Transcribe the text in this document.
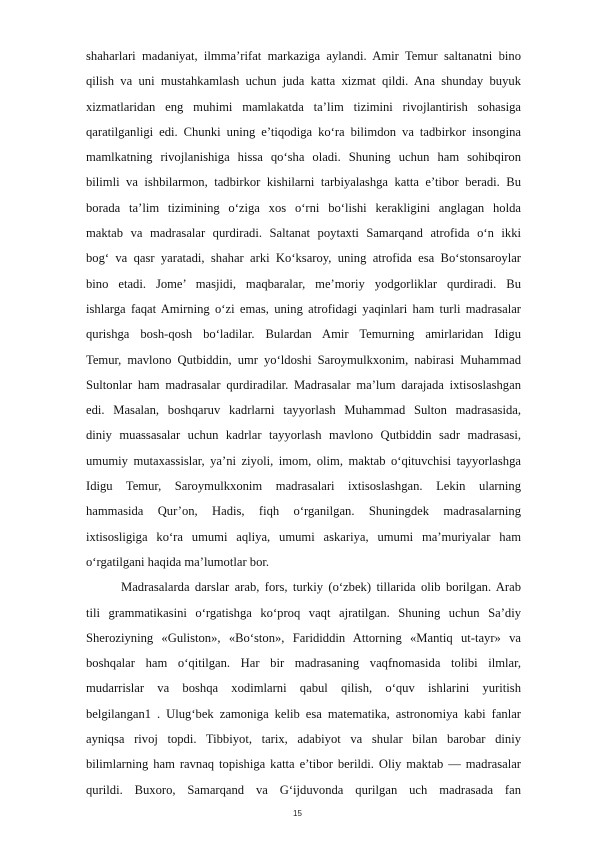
shaharlari madaniyat, ilmma’rifat markaziga aylandi. Amir Temur saltanatni bino
qilish va uni mustahkamlash uchun juda katta xizmat qildi. Ana shunday buyuk
xizmatlaridan eng muhimi mamlakatda ta’lim tizimini rivojlantirish sohasiga
qaratilganligi edi. Chunki uning e’tiqodiga ko‘ra bilimdon va tadbirkor insongina
mamlkatning rivojlanishiga hissa qo‘sha oladi. Shuning uchun ham sohibqiron
bilimli va ishbilarmon, tadbirkor kishilarni tarbiyalashga katta e’tibor beradi. Bu
borada ta’lim tizimining o‘ziga xos o‘rni bo‘lishi kerakligini anglagan holda
maktab va madrasalar qurdiradi. Saltanat poytaxti Samarqand atrofida o‘n ikki
bog‘ va qasr yaratadi, shahar arki Ko‘ksaroy, uning atrofida esa Bo‘stonsaroylar
bino etadi. Jome’ masjidi, maqbaralar, me’moriy yodgorliklar qurdiradi. Bu
ishlarga faqat Amirning o‘zi emas, uning atrofidagi yaqinlari ham turli madrasalar
qurishga bosh-qosh bo‘ladilar. Bulardan Amir Temurning amirlaridan Idigu
Temur, mavlono Qutbiddin, umr yo‘ldoshi Saroymulkxonim, nabirasi Muhammad
Sultonlar ham madrasalar qurdiradilar. Madrasalar ma’lum darajada ixtisoslashgan
edi. Masalan, boshqaruv kadrlarni tayyorlash Muhammad Sulton madrasasida,
diniy muassasalar uchun kadrlar tayyorlash mavlono Qutbiddin sadr madrasasi,
umumiy mutaxassislar, ya’ni ziyoli, imom, olim, maktab o‘qituvchisi tayyorlashga
Idigu Temur, Saroymulkxonim madrasalari ixtisoslashgan. Lekin ularning
hammasida Qur’on, Hadis, fiqh o‘rganilgan. Shuningdek madrasalarning
ixtisosligiga ko‘ra umumi aqliya, umumi askariya, umumi ma’muriyalar ham
o‘rgatilgani haqida ma’lumotlar bor.
Madrasalarda darslar arab, fors, turkiy (o‘zbek) tillarida olib borilgan. Arab
tili grammatikasini o‘rgatishga ko‘proq vaqt ajratilgan. Shuning uchun Sa’diy
Sheroziyning «Guliston», «Bo‘ston», Farididdin Attorning «Mantiq ut-tayr» va
boshqalar ham o‘qitilgan. Har bir madrasaning vaqfnomasida tolibi ilmlar,
mudarrislar va boshqa xodimlarni qabul qilish, o‘quv ishlarini yuritish
belgilangan1 . Ulug‘bek zamoniga kelib esa matematika, astronomiya kabi fanlar
ayniqsa rivoj topdi. Tibbiyot, tarix, adabiyot va shular bilan barobar diniy
bilimlarning ham ravnaq topishiga katta e’tibor berildi. Oliy maktab — madrasalar
qurildi. Buxoro, Samarqand va G‘ijduvonda qurilgan uch madrasada fan
15
